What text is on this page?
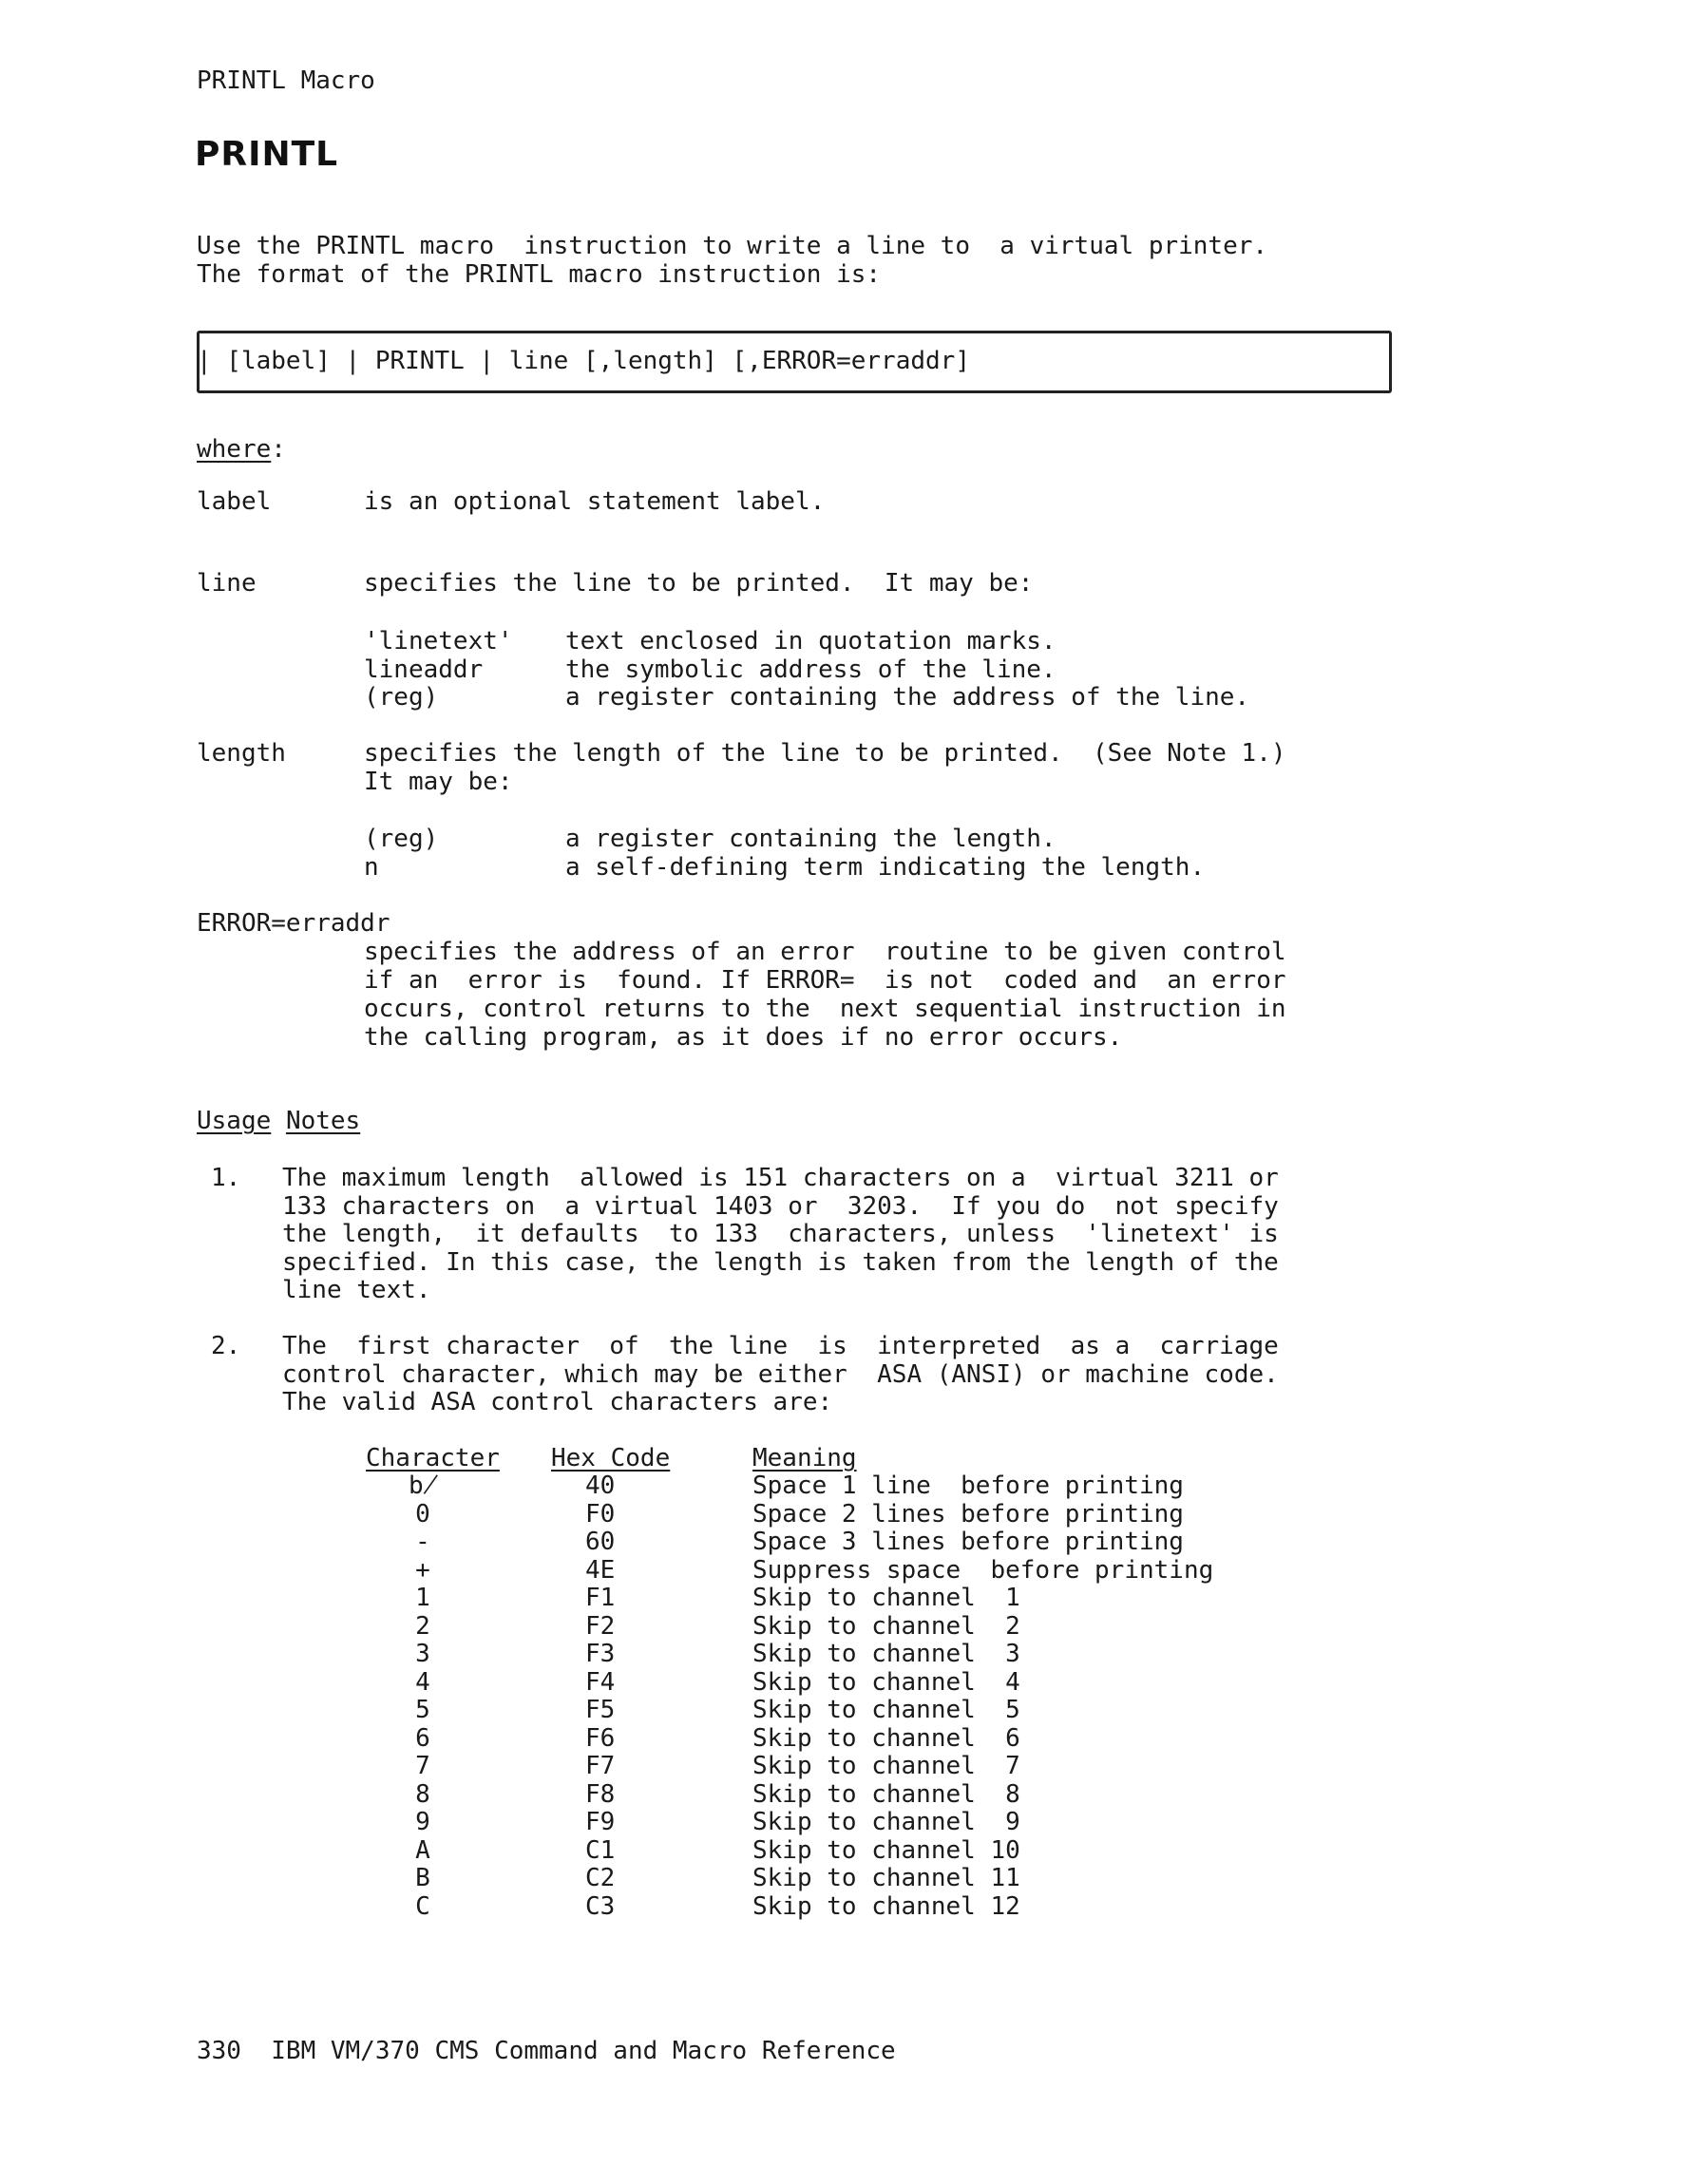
PRINTL Macro
PRINTL
Use the PRINTL macro  instruction to write a line to  a virtual printer.
The format of the PRINTL macro instruction is:
| [label] | PRINTL | line [,length] [,ERROR=erraddr]
where:
label	is an optional statement label.
line	specifies the line to be printed.  It may be:
'linetext' text enclosed in quotation marks.
lineaddr	the symbolic address of the line.
(reg)	a register containing the address of the line.
length	specifies the length of the line to be printed.  (See Note 1.)
It may be:
(reg)	a register containing the length.
n	a self-defining term indicating the length.
ERROR=erraddr
specifies the address of an error  routine to be given control
if an  error is  found. If ERROR=  is not  coded and  an error
occurs, control returns to the  next sequential instruction in
the calling program, as it does if no error occurs.
Usage Notes
1. The maximum length  allowed is 151 characters on a  virtual 3211 or
133 characters on  a virtual 1403 or  3203.  If you do  not specify
the length,  it defaults  to 133  characters, unless  'linetext' is
specified. In this case, the length is taken from the length of the
line text.
2. The  first character  of  the line  is  interpreted  as a  carriage
control character, which may be either  ASA (ANSI) or machine code.
The valid ASA control characters are:
Character Hex Code	Meaning
b̸	40	Space 1 line  before printing
0	F0	Space 2 lines before printing
-	60	Space 3 lines before printing
+	4E	Suppress space  before printing
1	F1	Skip to channel  1
2	F2	Skip to channel  2
3	F3	Skip to channel  3
4	F4	Skip to channel  4
5	F5	Skip to channel  5
6	F6	Skip to channel  6
7	F7	Skip to channel  7
8	F8	Skip to channel  8
9	F9	Skip to channel  9
A	C1	Skip to channel 10
B	C2	Skip to channel 11
C	C3	Skip to channel 12
330  IBM VM/370 CMS Command and Macro Reference
